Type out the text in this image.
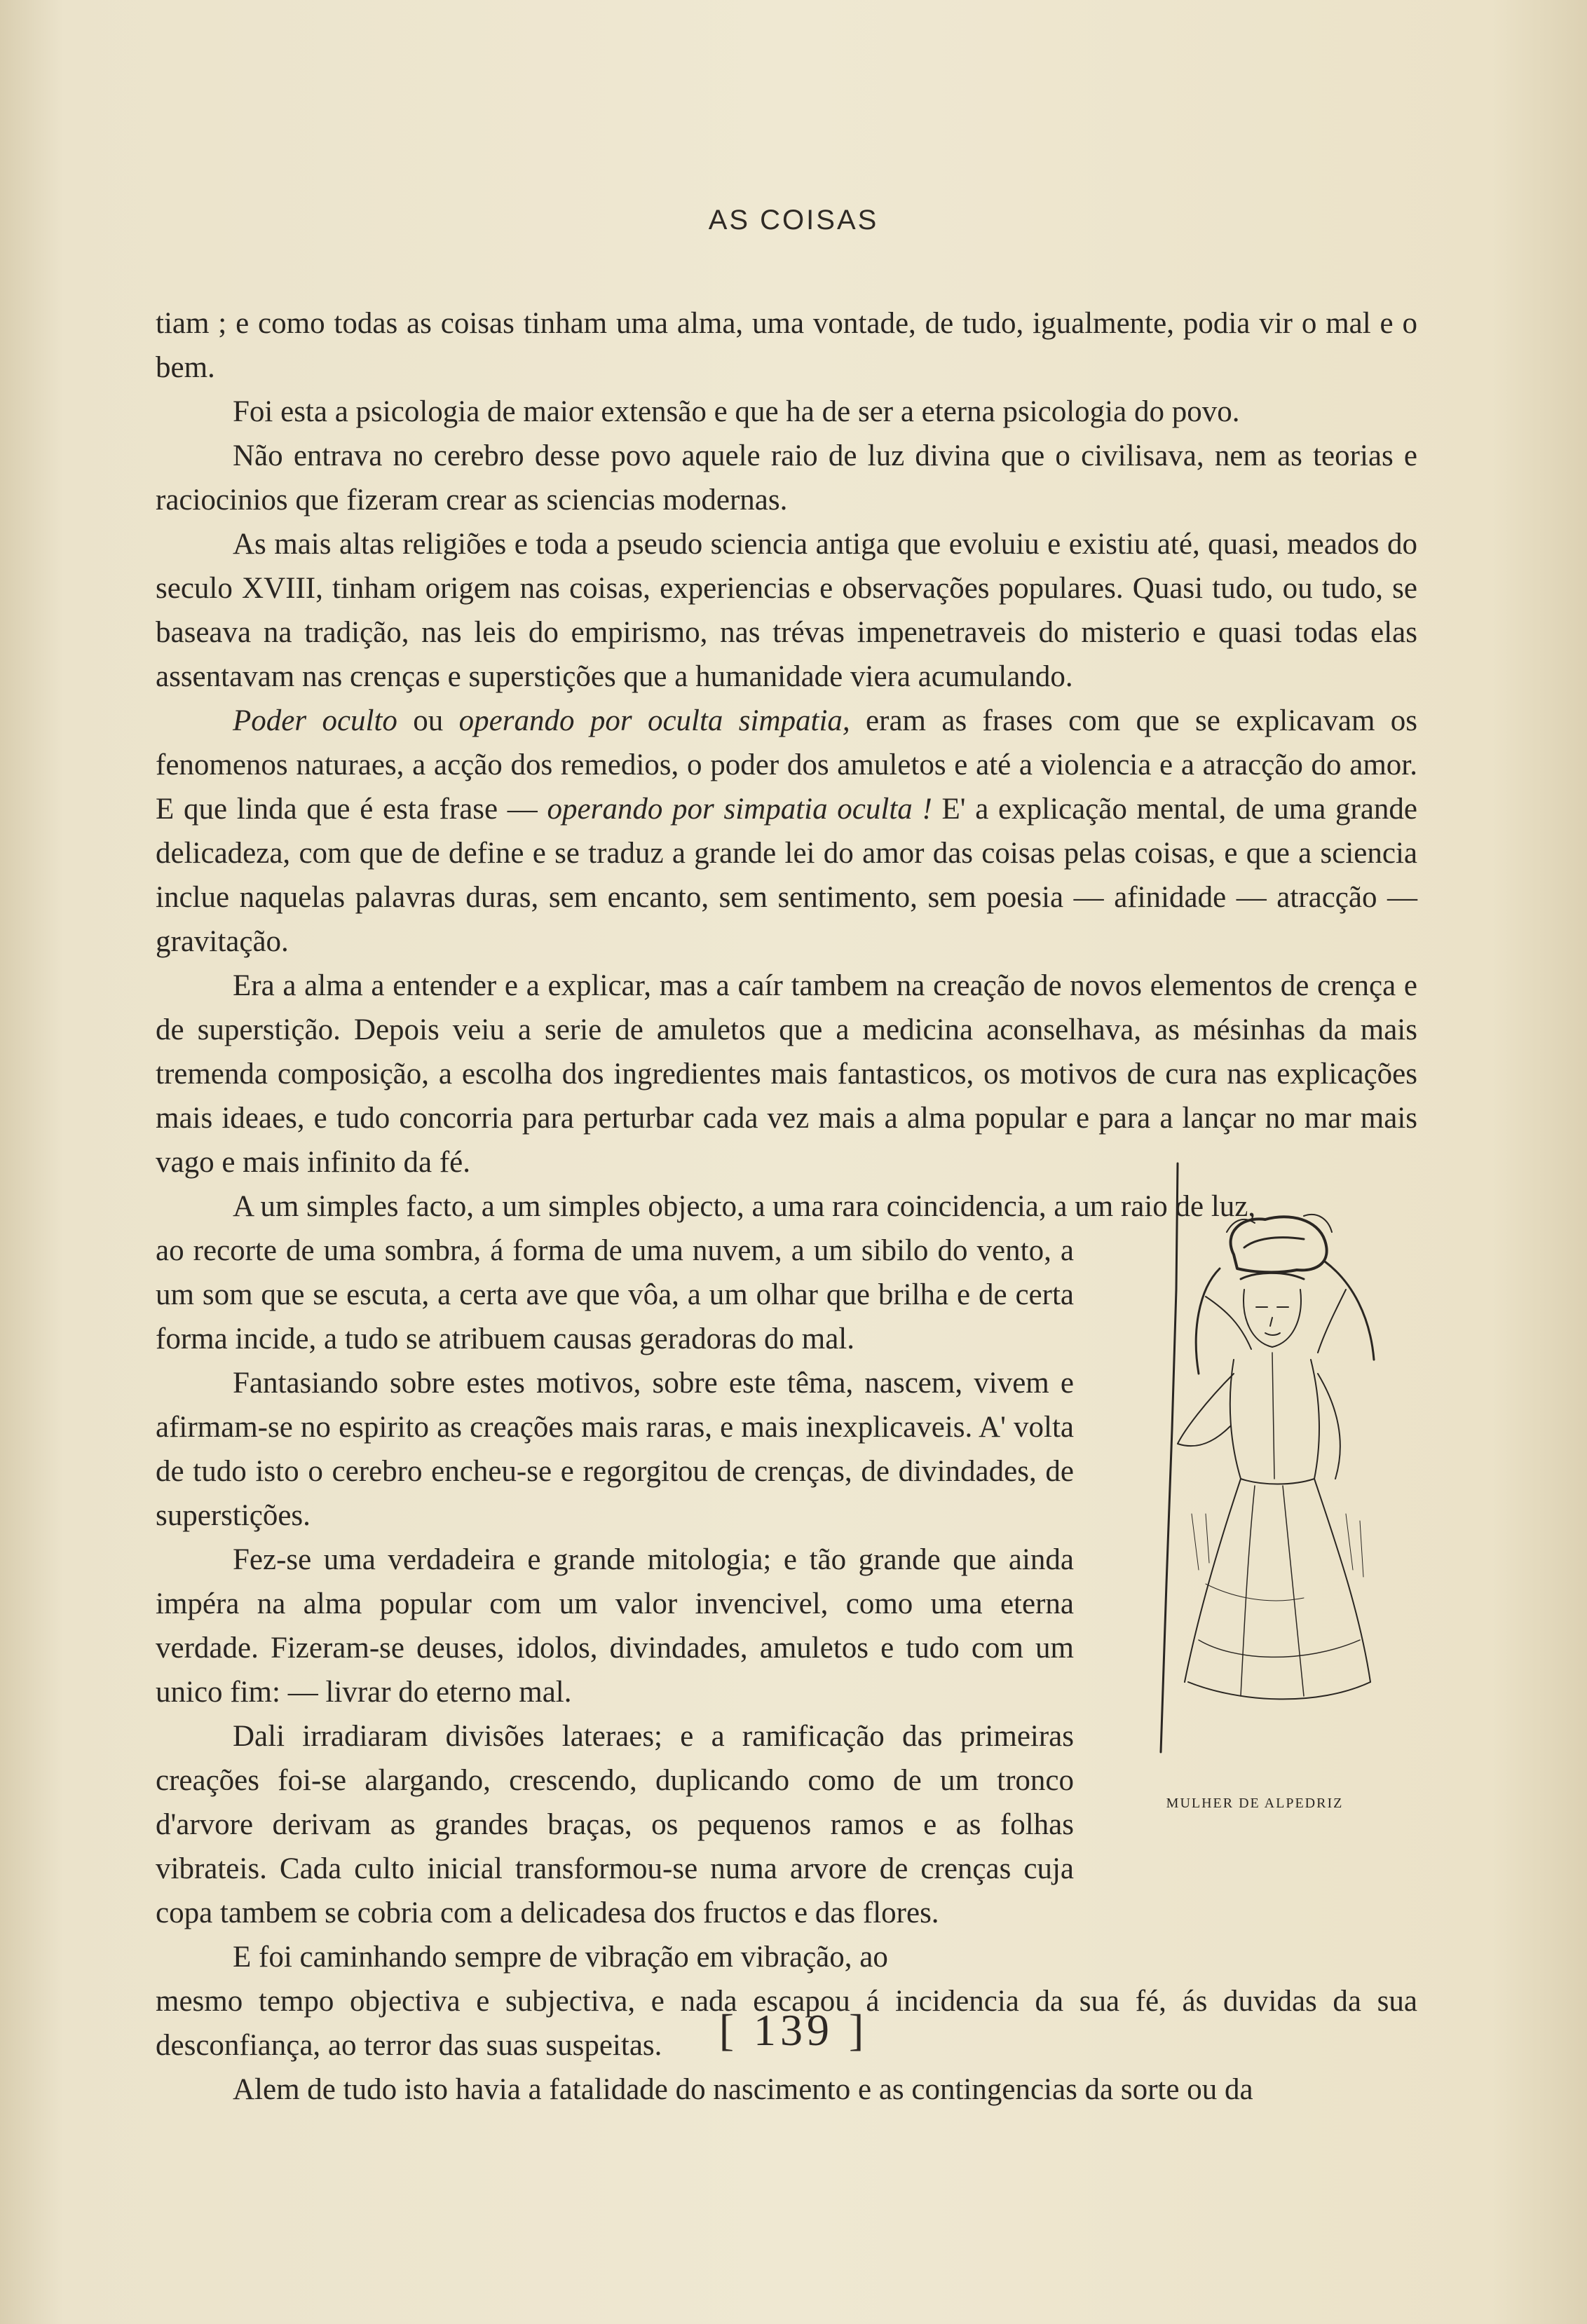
AS COISAS

tiam ; e como todas as coisas tinham uma alma, uma vontade, de tudo, igualmente, podia vir o mal e o bem.

Foi esta a psicologia de maior extensão e que ha de ser a eterna psicologia do povo.

Não entrava no cerebro desse povo aquele raio de luz divina que o civilisava, nem as teorias e raciocinios que fizeram crear as sciencias modernas.

As mais altas religiões e toda a pseudo sciencia antiga que evoluiu e existiu até, quasi, meados do seculo XVIII, tinham origem nas coisas, experiencias e observações populares. Quasi tudo, ou tudo, se baseava na tradição, nas leis do empirismo, nas trévas impenetraveis do misterio e quasi todas elas assentavam nas crenças e superstições que a humanidade viera acumulando.

Poder oculto ou operando por oculta simpatia, eram as frases com que se explicavam os fenomenos naturaes, a acção dos remedios, o poder dos amuletos e até a violencia e a atracção do amor. E que linda que é esta frase — operando por simpatia oculta ! E' a explicação mental, de uma grande delicadeza, com que de define e se traduz a grande lei do amor das coisas pelas coisas, e que a sciencia inclue naquelas palavras duras, sem encanto, sem sentimento, sem poesia — afinidade — atracção — gravitação.

Era a alma a entender e a explicar, mas a caír tambem na creação de novos elementos de crença e de superstição. Depois veiu a serie de amuletos que a medicina aconselhava, as mésinhas da mais tremenda composição, a escolha dos ingredientes mais fantasticos, os motivos de cura nas explicações mais ideaes, e tudo concorria para perturbar cada vez mais a alma popular e para a lançar no mar mais vago e mais infinito da fé.

A um simples facto, a um simples objecto, a uma rara coincidencia, a um raio de luz,

ao recorte de uma sombra, á forma de uma nuvem, a um sibilo do vento, a um som que se escuta, a certa ave que vôa, a um olhar que brilha e de certa forma incide, a tudo se atribuem causas geradoras do mal.

Fantasiando sobre estes motivos, sobre este têma, nascem, vivem e afirmam-se no espirito as creações mais raras, e mais inexplicaveis. A' volta de tudo isto o cerebro encheu-se e regorgitou de crenças, de divindades, de superstições.

Fez-se uma verdadeira e grande mitologia; e tão grande que ainda impéra na alma popular com um valor invencivel, como uma eterna verdade. Fizeram-se deuses, idolos, divindades, amuletos e tudo com um unico fim: — livrar do eterno mal.

Dali irradiaram divisões lateraes; e a ramificação das primeiras creações foi-se alargando, crescendo, duplicando como de um tronco d'arvore derivam as grandes braças, os pequenos ramos e as folhas vibrateis. Cada culto inicial transformou-se numa arvore de crenças cuja copa tambem se cobria com a delicadesa dos fructos e das flores.

E foi caminhando sempre de vibração em vibração, ao

mesmo tempo objectiva e subjectiva, e nada escapou á incidencia da sua fé, ás duvidas da sua desconfiança, ao terror das suas suspeitas.

Alem de tudo isto havia a fatalidade do nascimento e as contingencias da sorte ou da

MULHER DE ALPEDRIZ
[ 139 ]
